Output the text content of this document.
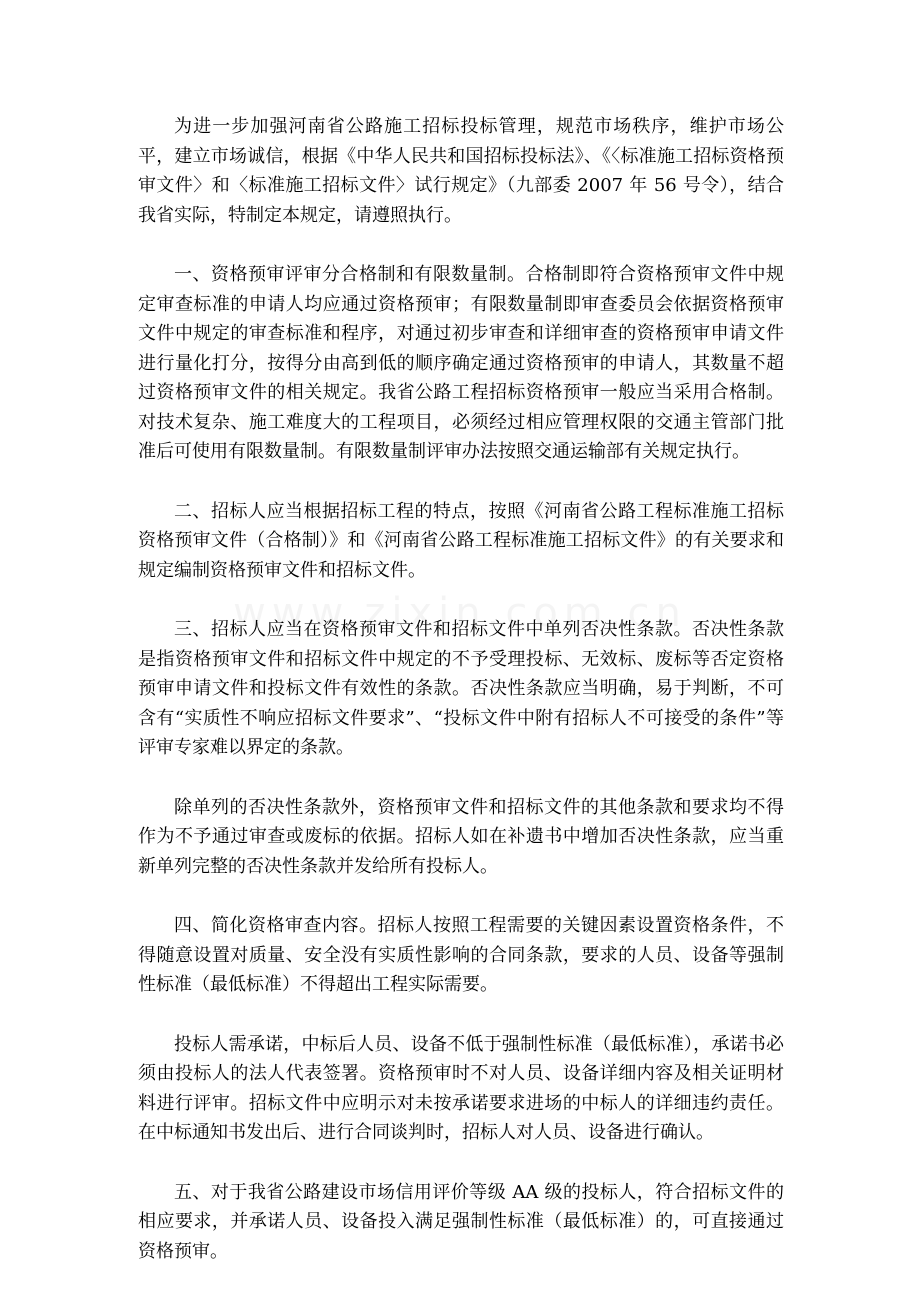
为进一步加强河南省公路施工招标投标管理，规范市场秩序，维护市场公平，建立市场诚信，根据《中华人民共和国招标投标法》、《〈标准施工招标资格预审文件〉和〈标准施工招标文件〉试行规定》（九部委 2007 年 56 号令），结合我省实际，特制定本规定，请遵照执行。

一、资格预审评审分合格制和有限数量制。合格制即符合资格预审文件中规定审查标准的申请人均应通过资格预审；有限数量制即审查委员会依据资格预审文件中规定的审查标准和程序，对通过初步审查和详细审查的资格预审申请文件进行量化打分，按得分由高到低的顺序确定通过资格预审的申请人，其数量不超过资格预审文件的相关规定。我省公路工程招标资格预审一般应当采用合格制。对技术复杂、施工难度大的工程项目，必须经过相应管理权限的交通主管部门批准后可使用有限数量制。有限数量制评审办法按照交通运输部有关规定执行。

二、招标人应当根据招标工程的特点，按照《河南省公路工程标准施工招标资格预审文件（合格制）》和《河南省公路工程标准施工招标文件》的有关要求和规定编制资格预审文件和招标文件。

三、招标人应当在资格预审文件和招标文件中单列否决性条款。否决性条款是指资格预审文件和招标文件中规定的不予受理投标、无效标、废标等否定资格预审申请文件和投标文件有效性的条款。否决性条款应当明确，易于判断，不可含有“实质性不响应招标文件要求”、“投标文件中附有招标人不可接受的条件”等评审专家难以界定的条款。

除单列的否决性条款外，资格预审文件和招标文件的其他条款和要求均不得作为不予通过审查或废标的依据。招标人如在补遗书中增加否决性条款，应当重新单列完整的否决性条款并发给所有投标人。

四、简化资格审查内容。招标人按照工程需要的关键因素设置资格条件，不得随意设置对质量、安全没有实质性影响的合同条款，要求的人员、设备等强制性标准（最低标准）不得超出工程实际需要。

投标人需承诺，中标后人员、设备不低于强制性标准（最低标准），承诺书必须由投标人的法人代表签署。资格预审时不对人员、设备详细内容及相关证明材料进行评审。招标文件中应明示对未按承诺要求进场的中标人的详细违约责任。在中标通知书发出后、进行合同谈判时，招标人对人员、设备进行确认。

五、对于我省公路建设市场信用评价等级 AA 级的投标人，符合招标文件的相应要求，并承诺人员、设备投入满足强制性标准（最低标准）的，可直接通过资格预审。
